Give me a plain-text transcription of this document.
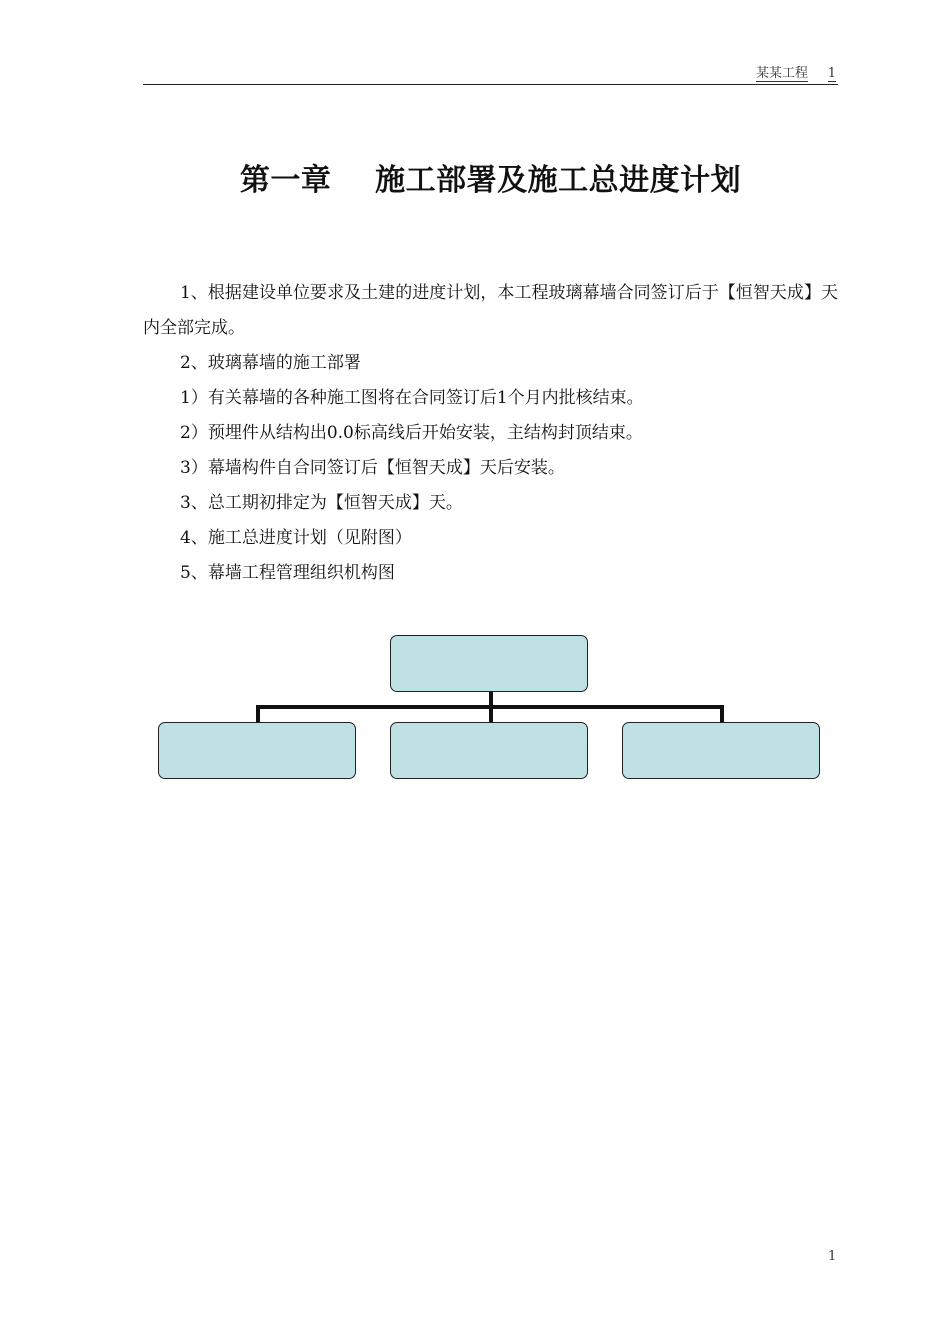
某某工程 1
第一章    施工部署及施工总进度计划

1、根据建设单位要求及土建的进度计划，本工程玻璃幕墙合同签订后于【恒智天成】天内全部完成。

2、玻璃幕墙的施工部署

1）有关幕墙的各种施工图将在合同签订后1个月内批核结束。

2）预埋件从结构出0.0标高线后开始安装，主结构封顶结束。

3）幕墙构件自合同签订后【恒智天成】天后安装。

3、总工期初排定为【恒智天成】天。

4、施工总进度计划（见附图）

5、幕墙工程管理组织机构图

1
